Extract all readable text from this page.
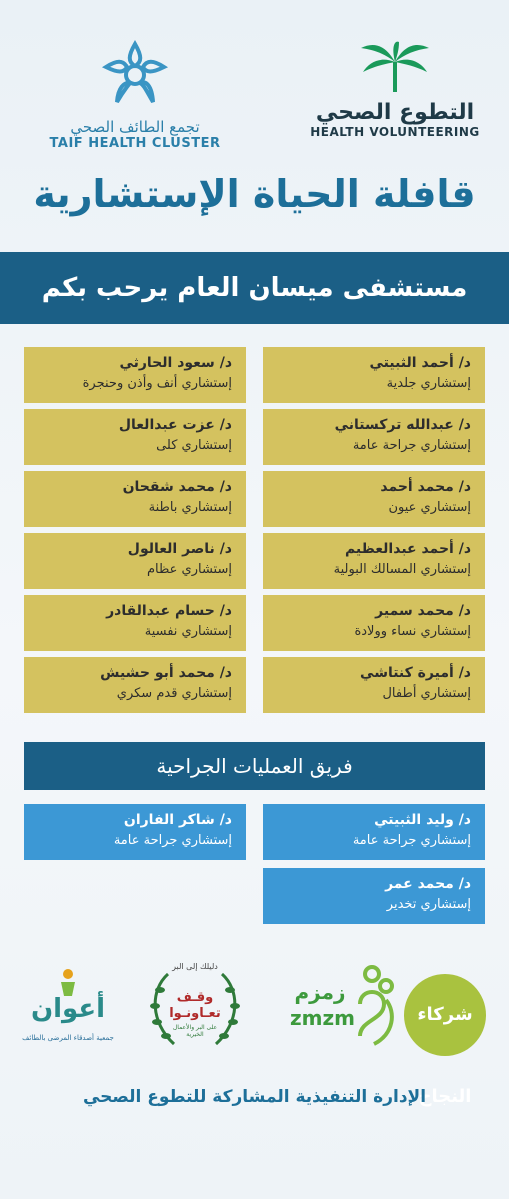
تجمع الطائف الصحي
TAIF HEALTH CLUSTER
التطوع الصحي
HEALTH VOLUNTEERING
قافلة الحياة الإستشارية
مستشفى ميسان العام يرحب بكم
د/ أحمد الثبيتي
إستشاري جلدية
د/ سعود الحارثي
إستشاري أنف وأذن وحنجرة
د/ عبدالله تركستاني
إستشاري جراحة عامة
د/ عزت عبدالعال
إستشاري كلى
د/ محمد أحمد
إستشاري عيون
د/ محمد شقحان
إستشاري باطنة
د/ أحمد عبدالعظيم
إستشاري المسالك البولية
د/ ناصر العالول
إستشاري عظام
د/ محمد سمير
إستشاري نساء وولادة
د/ حسام عبدالقادر
إستشاري نفسية
د/ أميرة كنتاشي
إستشاري أطفال
د/ محمد أبو حشيش
إستشاري قدم سكري
فريق العمليات الجراحية
د/ وليد الثبيتي
إستشاري جراحة عامة
د/ شاكر الفاران
إستشاري جراحة عامة
د/ محمد عمر
إستشاري تخدير
شركاء النجاح
زمزم
zmzm
دليلك إلى البر
وقـف تعـاونـوا
على البر والأعمال الخيرية
أعوان
جمعية أصدقاء المرضى بالطائف
الإدارة التنفيذية المشاركة للتطوع الصحي
